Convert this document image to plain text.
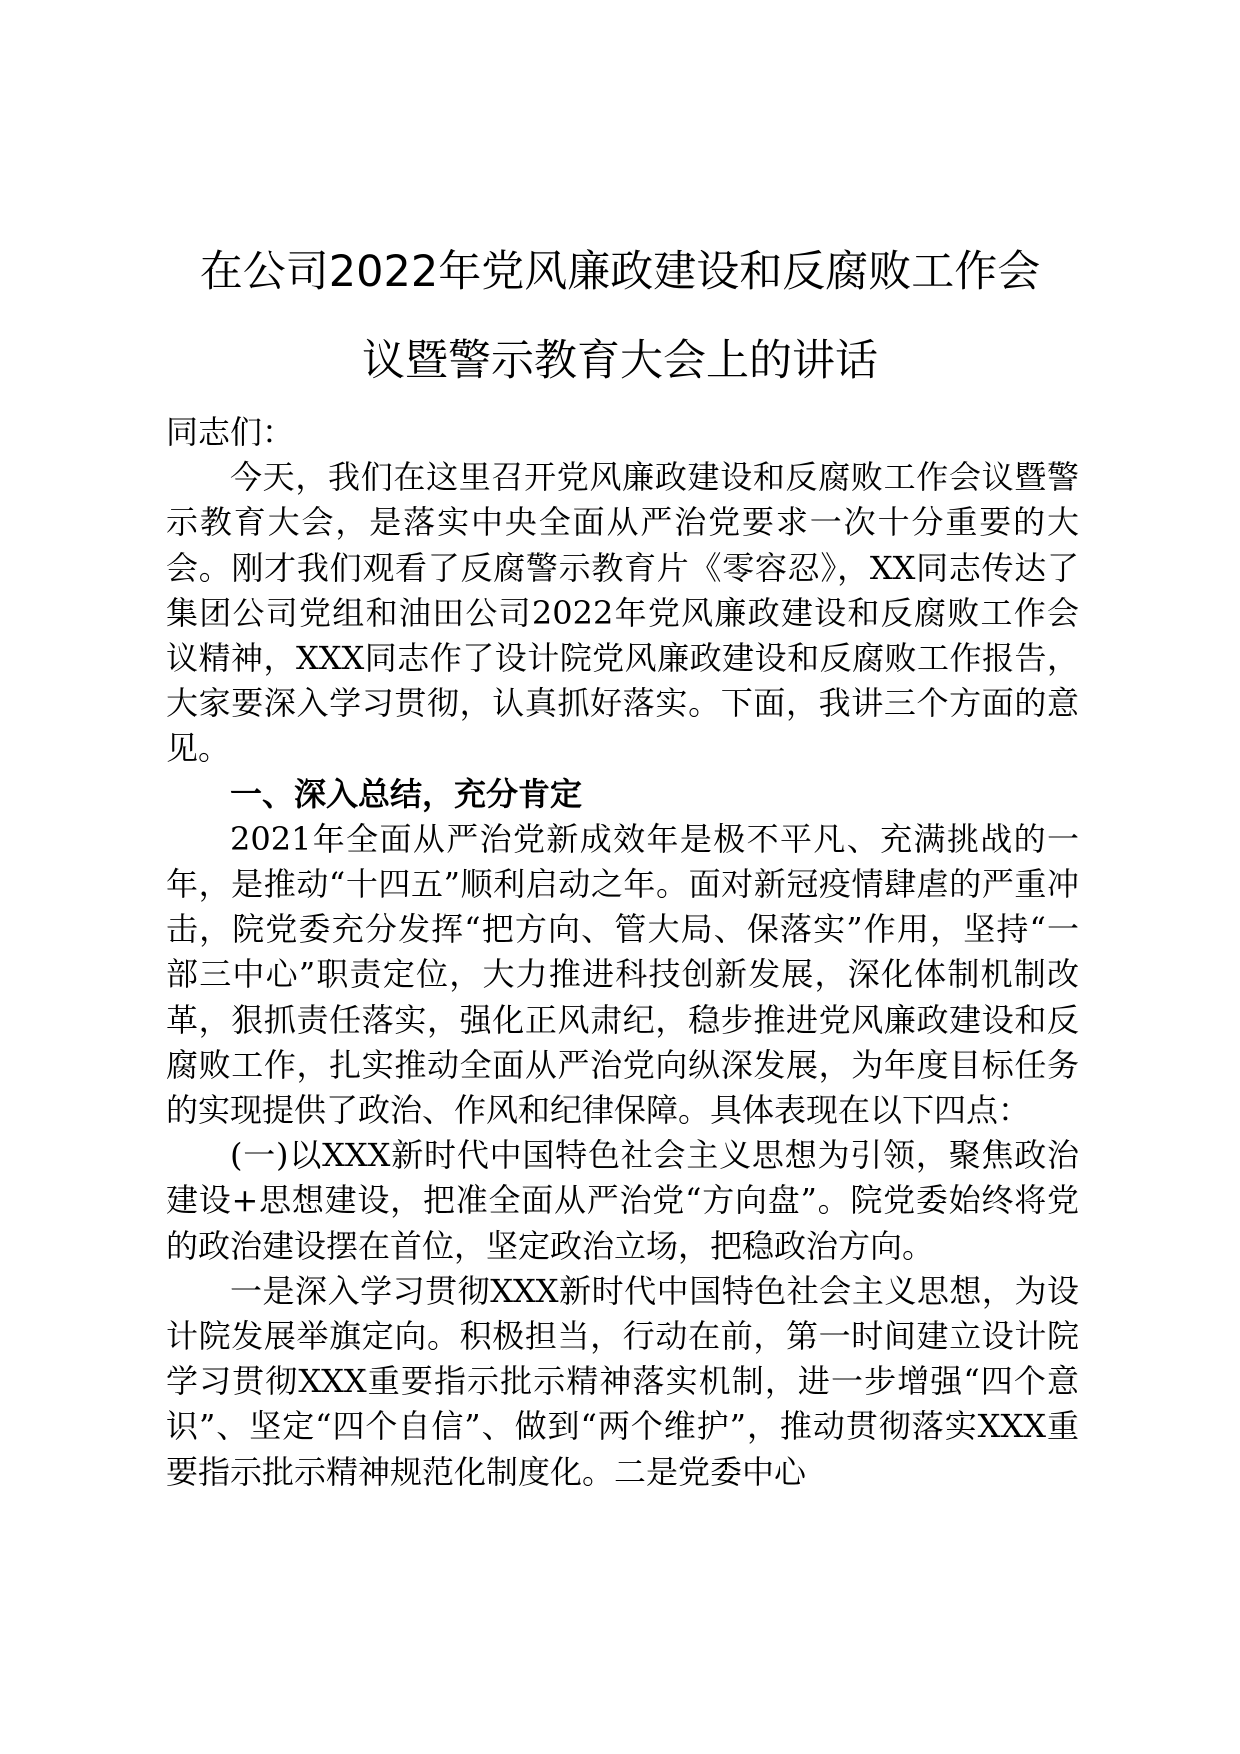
在公司2022年党风廉政建设和反腐败工作会
议暨警示教育大会上的讲话

同志们：

今天，我们在这里召开党风廉政建设和反腐败工作会议暨警示教育大会，是落实中央全面从严治党要求一次十分重要的大会。刚才我们观看了反腐警示教育片《零容忍》，XX同志传达了集团公司党组和油田公司2022年党风廉政建设和反腐败工作会议精神，XXX同志作了设计院党风廉政建设和反腐败工作报告，大家要深入学习贯彻，认真抓好落实。下面，我讲三个方面的意见。

一、深入总结，充分肯定

2021年全面从严治党新成效年是极不平凡、充满挑战的一年，是推动“十四五”顺利启动之年。面对新冠疫情肆虐的严重冲击，院党委充分发挥“把方向、管大局、保落实”作用，坚持“一部三中心”职责定位，大力推进科技创新发展，深化体制机制改革，狠抓责任落实，强化正风肃纪，稳步推进党风廉政建设和反腐败工作，扎实推动全面从严治党向纵深发展，为年度目标任务的实现提供了政治、作风和纪律保障。具体表现在以下四点：

(一)以XXX新时代中国特色社会主义思想为引领，聚焦政治建设+思想建设，把准全面从严治党“方向盘”。院党委始终将党的政治建设摆在首位，坚定政治立场，把稳政治方向。

一是深入学习贯彻XXX新时代中国特色社会主义思想，为设计院发展举旗定向。积极担当，行动在前，第一时间建立设计院学习贯彻XXX重要指示批示精神落实机制，进一步增强“四个意识”、坚定“四个自信”、做到“两个维护”，推动贯彻落实XXX重要指示批示精神规范化制度化。二是党委中心
